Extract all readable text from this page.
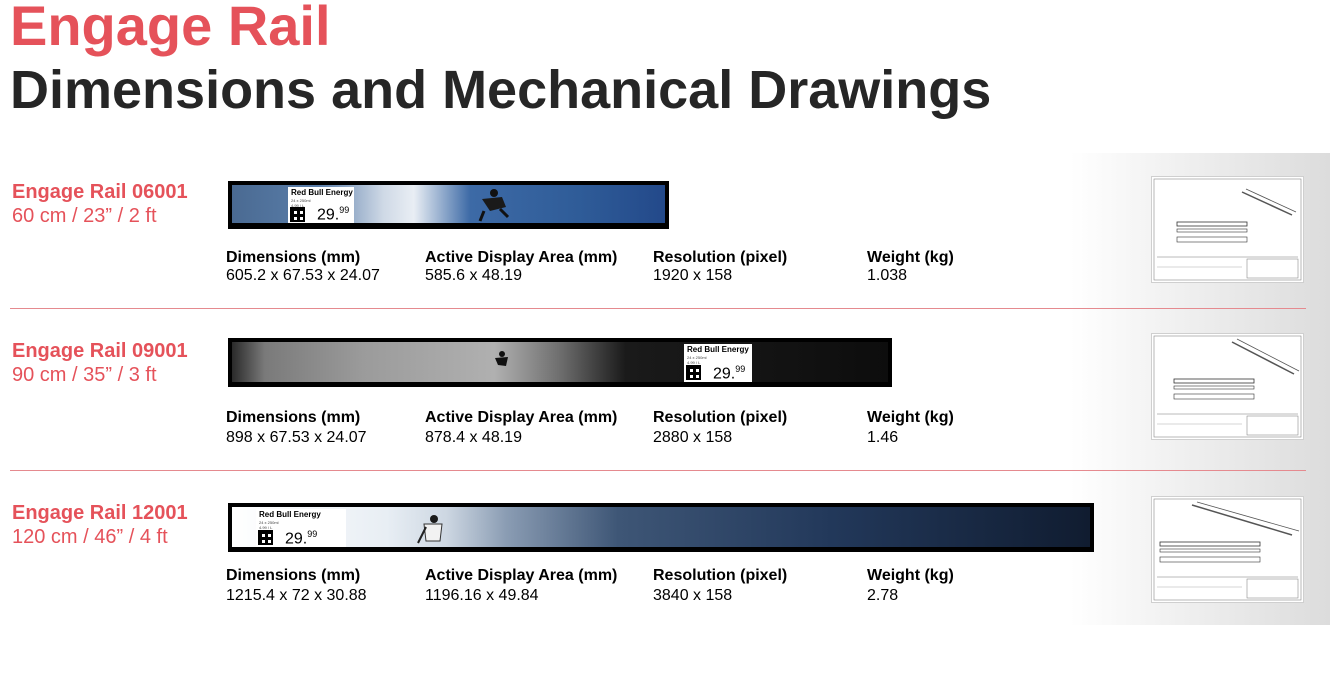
Engage Rail
Dimensions and Mechanical Drawings
Engage Rail 06001
60 cm / 23” / 2 ft
Red Bull Energy
24 x 250ml
4.99 / L
29.99
Dimensions (mm)
605.2 x 67.53 x 24.07
Active Display Area (mm)
585.6 x 48.19
Resolution (pixel)
1920 x 158
Weight (kg)
1.038
Engage Rail 09001
90 cm / 35” / 3 ft
Red Bull Energy
24 x 250ml
4.99 / L
29.99
Dimensions (mm)
898 x 67.53 x 24.07
Active Display Area (mm)
878.4 x 48.19
Resolution (pixel)
2880 x 158
Weight (kg)
1.46
Engage Rail 12001
120 cm / 46” / 4 ft
Red Bull Energy
24 x 250ml
4.99 / L
29.99
Dimensions (mm)
1215.4 x 72 x 30.88
Active Display Area (mm)
1196.16 x 49.84
Resolution (pixel)
3840 x 158
Weight (kg)
2.78
